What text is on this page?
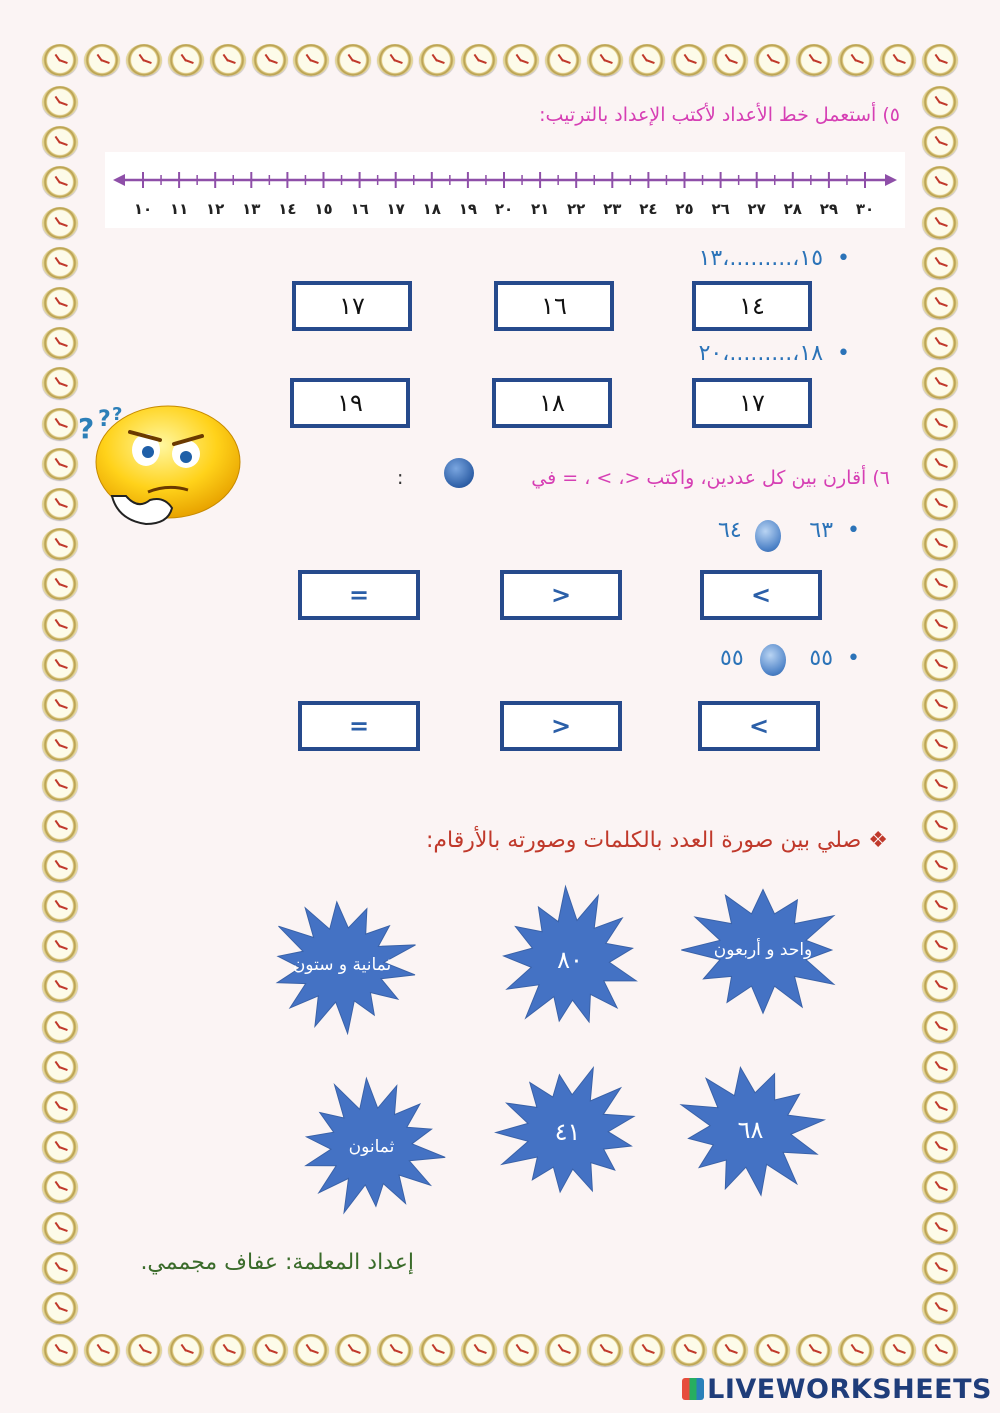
٥) أستعمل خط الأعداد لأكتب الإعداد بالترتيب:
٣٠
٢٩
٢٨
٢٧
٢٦
٢٥
٢٤
٢٣
٢٢
٢١
٢٠
١٩
١٨
١٧
١٦
١٥
١٤
١٣
١٢
١١
١٠
•  ١٥،.........،١٣
١٤
١٦
١٧
•  ١٨،.........،٢٠
١٧
١٨
١٩
? ? ?
٦) أقارن بين كل عددين، واكتب <، > ، = في
:
•  ٦٣
٦٤
<
>
=
•  ٥٥
٥٥
<
>
=
❖ صلي بين صورة العدد بالكلمات وصورته بالأرقام:
واحد و أربعون
٨٠
ثمانية و ستون
٦٨
٤١
ثمانون
إعداد المعلمة: عفاف مجممي.
LIVEWORKSHEETS
